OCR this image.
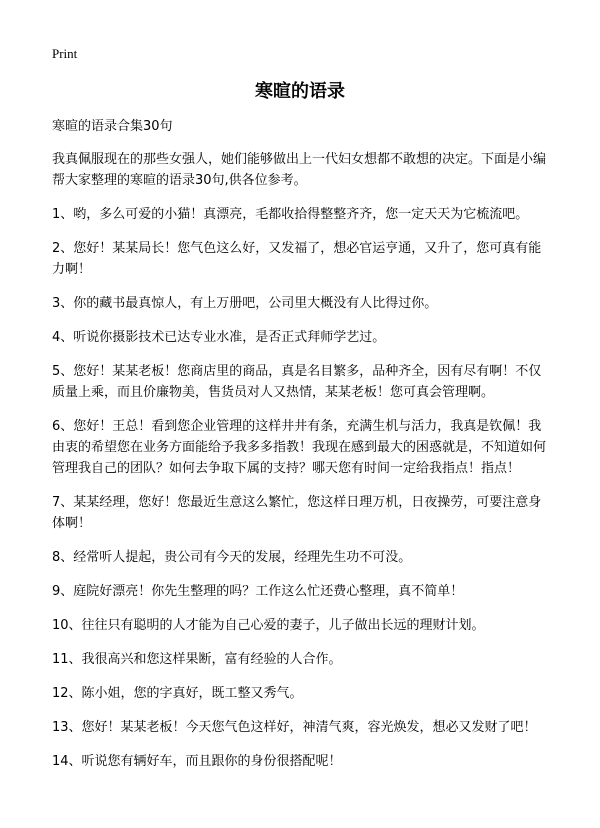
Print
寒暄的语录

寒暄的语录合集30句

我真佩服现在的那些女强人，她们能够做出上一代妇女想都不敢想的决定。下面是小编帮大家整理的寒暄的语录30句,供各位参考。

1、哟，多么可爱的小猫！真漂亮，毛都收拾得整整齐齐，您一定天天为它梳流吧。

2、您好！某某局长！您气色这么好，又发福了，想必官运亨通，又升了，您可真有能力啊！

3、你的藏书最真惊人，有上万册吧，公司里大概没有人比得过你。

4、听说你摄影技术已达专业水准，是否正式拜师学艺过。

5、您好！某某老板！您商店里的商品，真是名目繁多，品种齐全，因有尽有啊！不仅质量上乘，而且价廉物美，售货员对人又热情，某某老板！您可真会管理啊。

6、您好！王总！看到您企业管理的这样井井有条，充满生机与活力，我真是钦佩！我由衷的希望您在业务方面能给予我多多指教！我现在感到最大的困惑就是，不知道如何管理我自己的团队？如何去争取下属的支持？哪天您有时间一定给我指点！指点！

7、某某经理，您好！您最近生意这么繁忙，您这样日理万机，日夜操劳，可要注意身体啊！

8、经常听人提起，贵公司有今天的发展，经理先生功不可没。

9、庭院好漂亮！你先生整理的吗？工作这么忙还费心整理，真不简单！

10、往往只有聪明的人才能为自己心爱的妻子，儿子做出长远的理财计划。

11、我很高兴和您这样果断，富有经验的人合作。

12、陈小姐，您的字真好，既工整又秀气。

13、您好！某某老板！今天您气色这样好，神清气爽，容光焕发，想必又发财了吧！

14、听说您有辆好车，而且跟你的身份很搭配呢！
